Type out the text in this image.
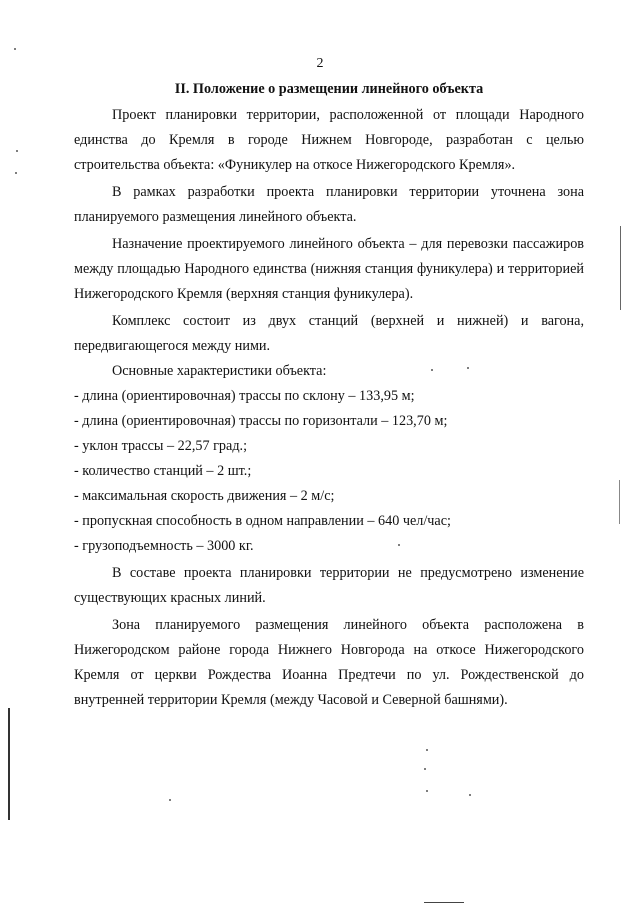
2

II. Положение о размещении линейного объекта

Проект планировки территории, расположенной от площади Народного единства до Кремля в городе Нижнем Новгороде, разработан с целью строительства объекта: «Фуникулер на откосе Нижегородского Кремля».

В рамках разработки проекта планировки территории уточнена зона планируемого размещения линейного объекта.

Назначение проектируемого линейного объекта – для перевозки пассажиров между площадью Народного единства (нижняя станция фуникулера) и территорией Нижегородского Кремля (верхняя станция фуникулера).

Комплекс состоит из двух станций (верхней и нижней) и вагона, передвигающегося между ними.

Основные характеристики объекта:

- длина (ориентировочная) трассы по склону – 133,95 м;
- длина (ориентировочная) трассы по горизонтали – 123,70 м;
- уклон трассы – 22,57 град.;
- количество станций – 2 шт.;
- максимальная скорость движения – 2 м/с;
- пропускная способность в одном направлении – 640 чел/час;
- грузоподъемность – 3000 кг.

В составе проекта планировки территории не предусмотрено изменение существующих красных линий.

Зона планируемого размещения линейного объекта расположена в Нижегородском районе города Нижнего Новгорода на откосе Нижегородского Кремля от церкви Рождества Иоанна Предтечи по ул. Рождественской до внутренней территории Кремля (между Часовой и Северной башнями).
